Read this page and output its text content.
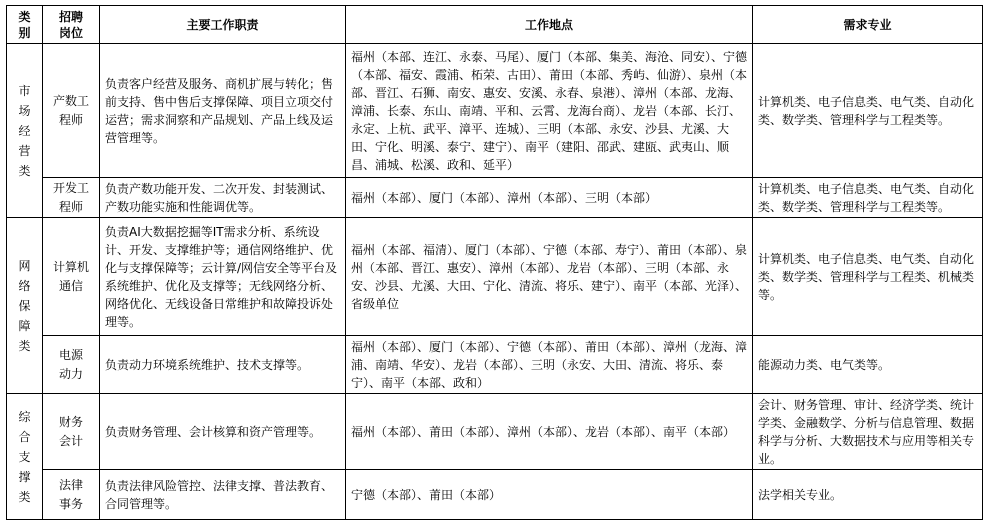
类别	招聘岗位	主要工作职责	工作地点	需求专业
市场经营类	产数工程师	负责客户经营及服务、商机扩展与转化；售前支持、售中售后支撑保障、项目立项交付运营；需求洞察和产品规划、产品上线及运营管理等。	福州（本部、连江、永泰、马尾）、厦门（本部、集美、海沧、同安）、宁德（本部、福安、霞浦、柘荣、古田）、莆田（本部、秀屿、仙游）、泉州（本部、晋江、石狮、南安、惠安、安溪、永春、泉港）、漳州（本部、龙海、漳浦、长泰、东山、南靖、平和、云霄、龙海台商）、龙岩（本部、长汀、永定、上杭、武平、漳平、连城）、三明（本部、永安、沙县、尤溪、大田、宁化、明溪、泰宁、建宁）、南平（建阳、邵武、建瓯、武夷山、顺昌、浦城、松溪、政和、延平）	计算机类、电子信息类、电气类、自动化类、数学类、管理科学与工程类等。
	开发工程师	负责产数功能开发、二次开发、封装测试、产数功能实施和性能调优等。	福州（本部）、厦门（本部）、漳州（本部）、三明（本部）	计算机类、电子信息类、电气类、自动化类、数学类、管理科学与工程类等。
网络保障类	计算机通信	负责AI大数据挖掘等IT需求分析、系统设计、开发、支撑维护等；通信网络维护、优化与支撑保障等；云计算/网信安全等平台及系统维护、优化及支撑等；无线网络分析、网络优化、无线设备日常维护和故障投诉处理等。	福州（本部、福清）、厦门（本部）、宁德（本部、寿宁）、莆田（本部）、泉州（本部、晋江、惠安）、漳州（本部）、龙岩（本部）、三明（本部、永安、沙县、尤溪、大田、宁化、清流、将乐、建宁）、南平（本部、光泽）、省级单位	计算机类、电子信息类、电气类、自动化类、数学类、管理科学与工程类、机械类等。
	电源动力	负责动力环境系统维护、技术支撑等。	福州（本部）、厦门（本部）、宁德（本部）、莆田（本部）、漳州（龙海、漳浦、南靖、华安）、龙岩（本部）、三明（永安、大田、清流、将乐、泰宁）、南平（本部、政和）	能源动力类、电气类等。
综合支撑类	财务会计	负责财务管理、会计核算和资产管理等。	福州（本部）、莆田（本部）、漳州（本部）、龙岩（本部）、南平（本部）	会计、财务管理、审计、经济学类、统计学类、金融数学、分析与信息管理、数据科学与分析、大数据技术与应用等相关专业。
	法律事务	负责法律风险管控、法律支撑、普法教育、合同管理等。	宁德（本部）、莆田（本部）	法学相关专业。
